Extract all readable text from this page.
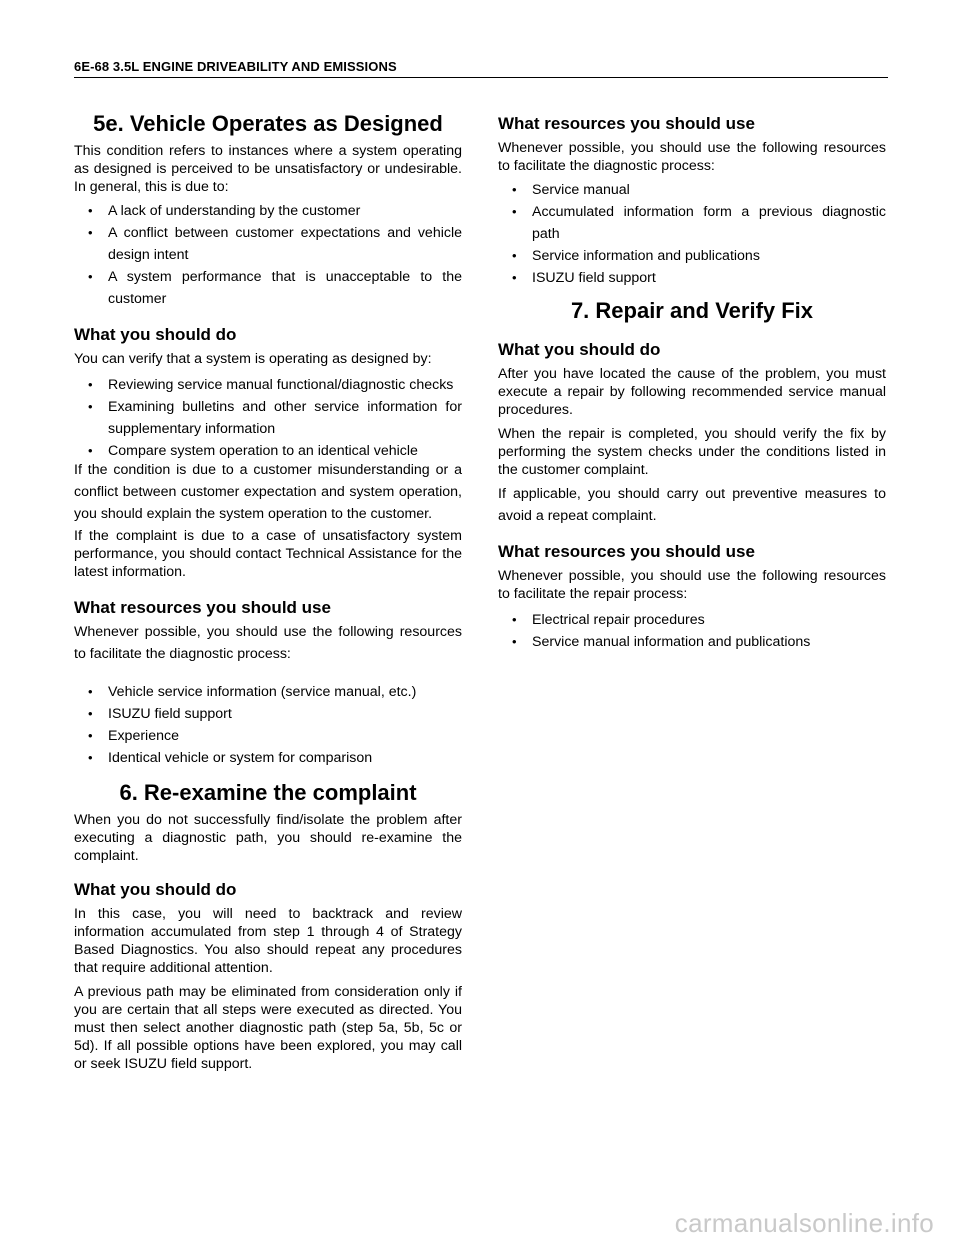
6E-68 3.5L ENGINE DRIVEABILITY AND EMISSIONS
5e. Vehicle Operates as Designed

This condition refers to instances where a system operating as designed is perceived to be unsatisfactory or undesirable. In general, this is due to:

• A lack of understanding by the customer
• A conflict between customer expectations and vehicle design intent
• A system performance that is unacceptable to the customer
What you should do

You can verify that a system is operating as designed by:

• Reviewing service manual functional/diagnostic checks
• Examining bulletins and other service information for supplementary information
• Compare system operation to an identical vehicle

If the condition is due to a customer misunderstanding or a conflict between customer expectation and system operation, you should explain the system operation to the customer.

If the complaint is due to a case of unsatisfactory system performance, you should contact Technical Assistance for the latest information.

What resources you should use

Whenever possible, you should use the following resources to facilitate the diagnostic process:

• Vehicle service information (service manual, etc.)
• ISUZU field support
• Experience
• Identical vehicle or system for comparison
6. Re-examine the complaint

When you do not successfully find/isolate the problem after executing a diagnostic path, you should re-examine the complaint.

What you should do

In this case, you will need to backtrack and review information accumulated from step 1 through 4 of Strategy Based Diagnostics. You also should repeat any procedures that require additional attention.

A previous path may be eliminated from consideration only if you are certain that all steps were executed as directed. You must then select another diagnostic path (step 5a, 5b, 5c or 5d). If all possible options have been explored, you may call or seek ISUZU field support.

What resources you should use

Whenever possible, you should use the following resources to facilitate the diagnostic process:

• Service manual
• Accumulated information form a previous diagnostic path
• Service information and publications
• ISUZU field support
7. Repair and Verify Fix
What you should do

After you have located the cause of the problem, you must execute a repair by following recommended service manual procedures.

When the repair is completed, you should verify the fix by performing the system checks under the conditions listed in the customer complaint.

If applicable, you should carry out preventive measures to avoid a repeat complaint.

What resources you should use

Whenever possible, you should use the following resources to facilitate the repair process:

• Electrical repair procedures
• Service manual information and publications
carmanualsonline.info
